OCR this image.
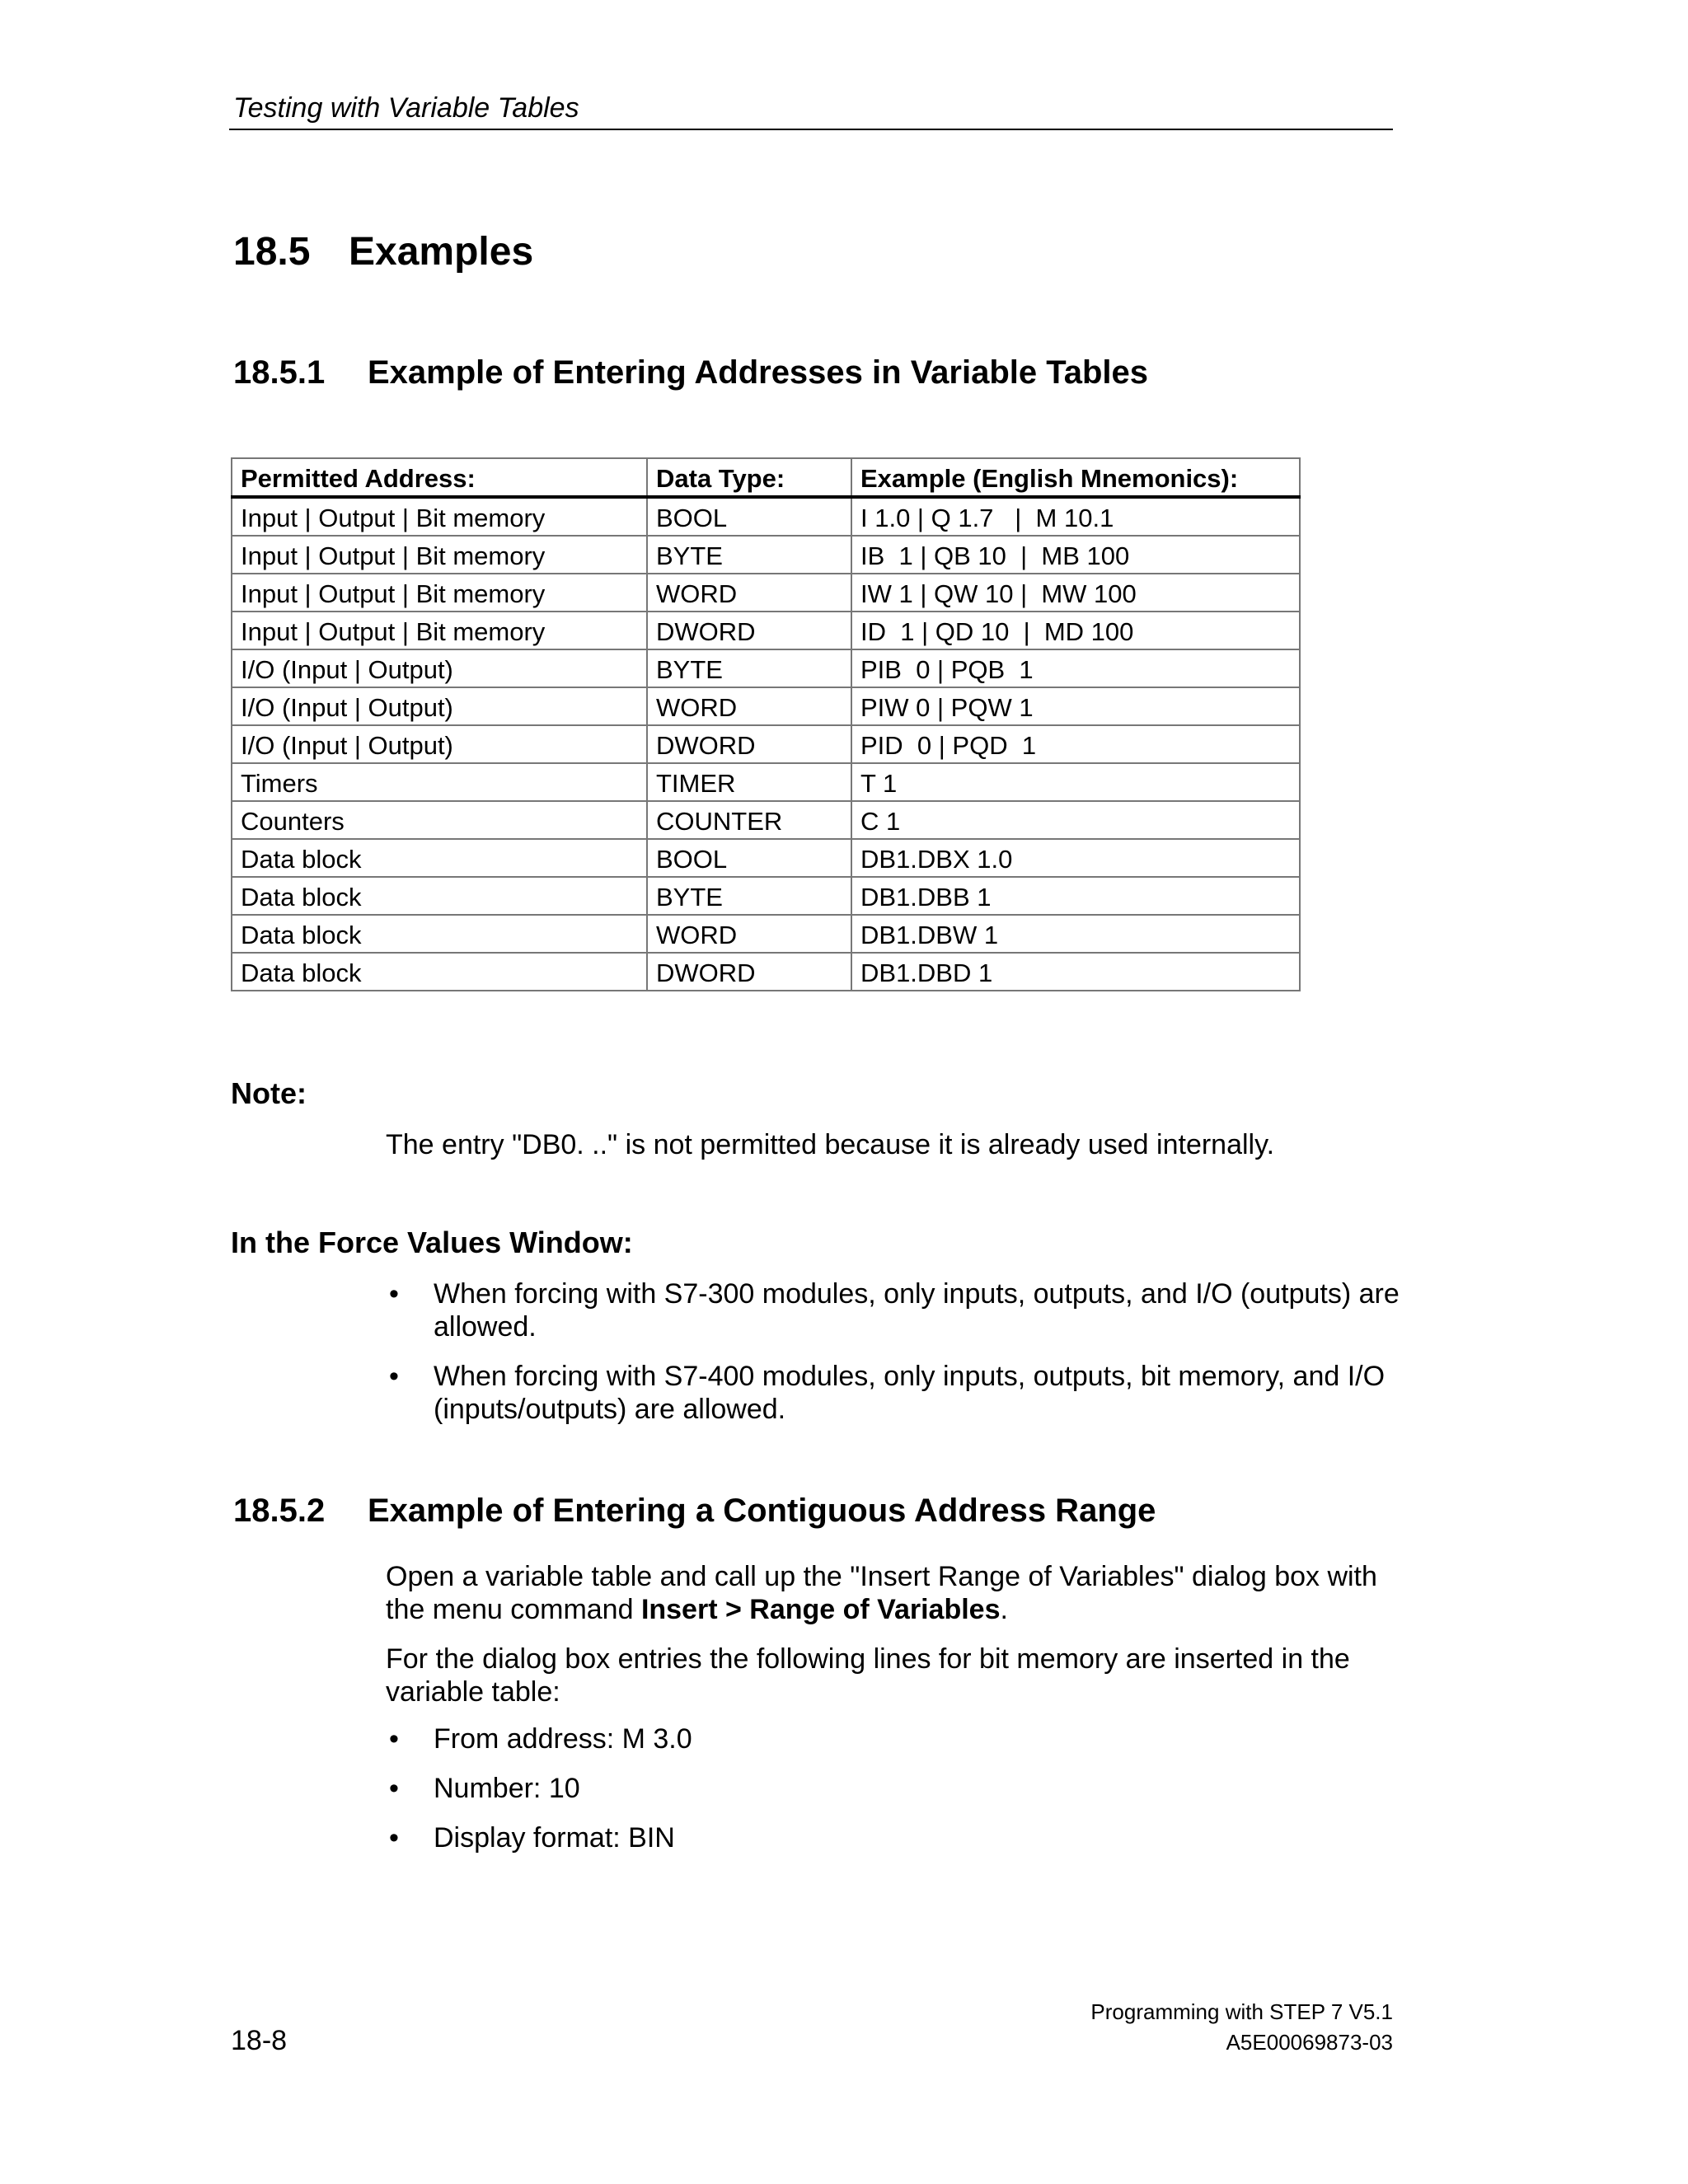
Testing with Variable Tables
18.5 Examples
18.5.1 Example of Entering Addresses in Variable Tables
Permitted Address:	Data Type:	Example (English Mnemonics):
Input | Output | Bit memory	BOOL	I 1.0 | Q 1.7   |  M 10.1
Input | Output | Bit memory	BYTE	IB  1 | QB 10  |  MB 100
Input | Output | Bit memory	WORD	IW 1 | QW 10 |  MW 100
Input | Output | Bit memory	DWORD	ID  1 | QD 10  |  MD 100
I/O (Input | Output)	BYTE	PIB  0 | PQB  1
I/O (Input | Output)	WORD	PIW 0 | PQW 1
I/O (Input | Output)	DWORD	PID  0 | PQD  1
Timers	TIMER	T 1
Counters	COUNTER	C 1
Data block	BOOL	DB1.DBX 1.0
Data block	BYTE	DB1.DBB 1
Data block	WORD	DB1.DBW 1
Data block	DWORD	DB1.DBD 1
Note:
The entry "DB0. .." is not permitted because it is already used internally.
In the Force Values Window:
• When forcing with S7-300 modules, only inputs, outputs, and I/O (outputs) are allowed.
• When forcing with S7-400 modules, only inputs, outputs, bit memory, and I/O (inputs/outputs) are allowed.
18.5.2 Example of Entering a Contiguous Address Range
Open a variable table and call up the "Insert Range of Variables" dialog box with the menu command Insert > Range of Variables.
For the dialog box entries the following lines for bit memory are inserted in the variable table:
• From address: M 3.0
• Number: 10
• Display format: BIN
Programming with STEP 7 V5.1
A5E00069873-03
18-8
